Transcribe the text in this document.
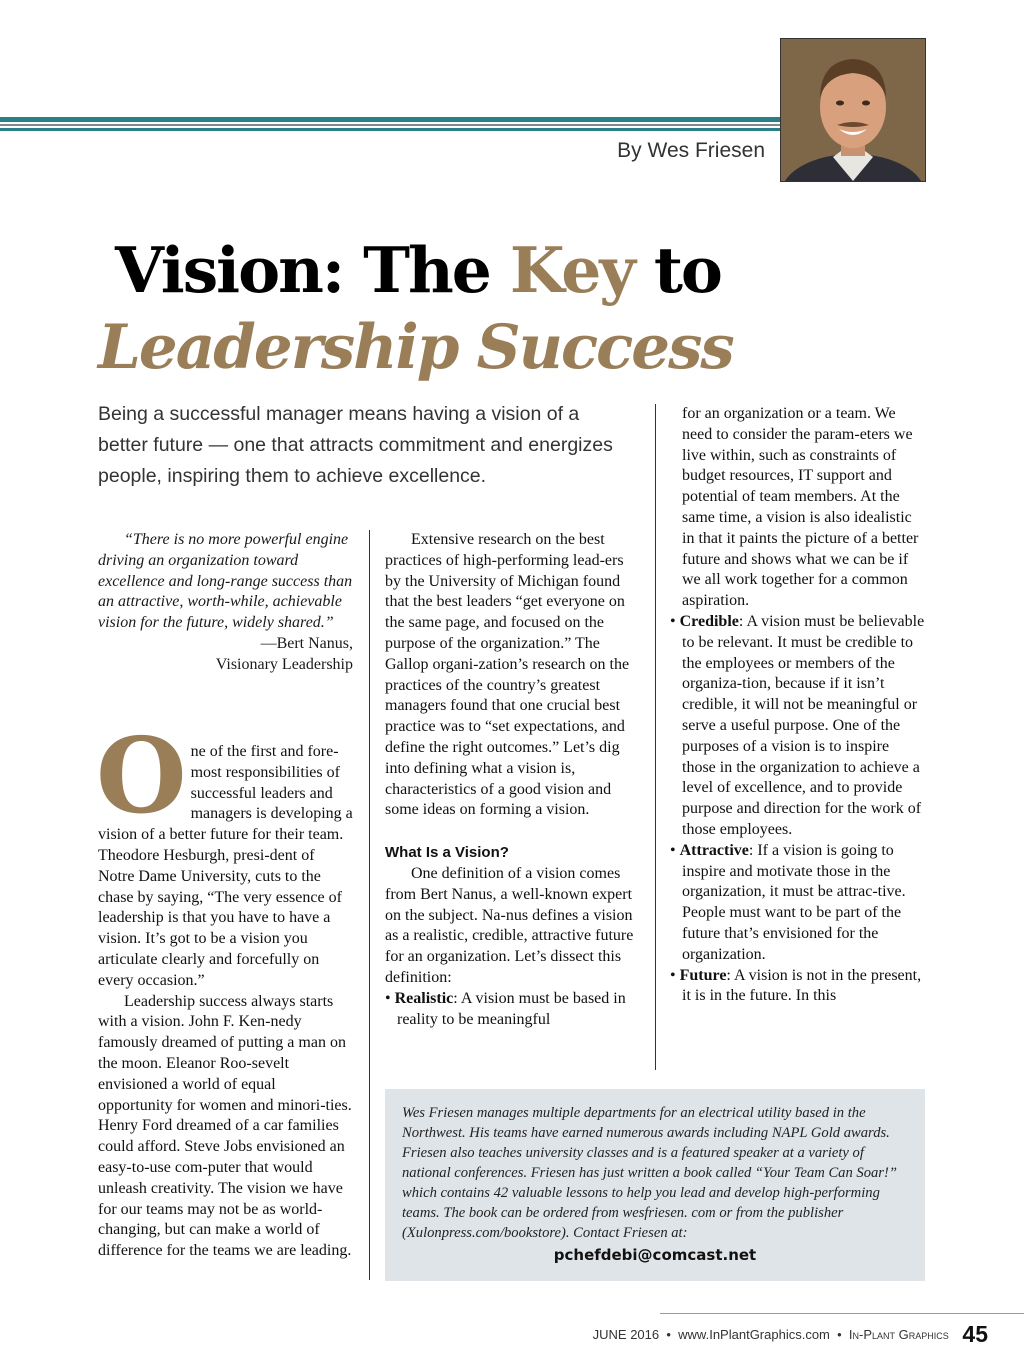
By Wes Friesen
Vision: The Key to
Leadership Success
Being a successful manager means having a vision of a better future — one that attracts commitment and energizes people, inspiring them to achieve excellence.

“There is no more powerful engine driving an organization toward excellence and long-range success than an attractive, worth-while, achievable vision for the future, widely shared.”

—Bert Nanus,

Visionary Leadership

One of the first and fore-most responsibilities of successful leaders and managers is developing a vision of a better future for their team. Theodore Hesburgh, presi-dent of Notre Dame University, cuts to the chase by saying, “The very essence of leadership is that you have to have a vision. It’s got to be a vision you articulate clearly and forcefully on every occasion.”

Leadership success always starts with a vision. John F. Ken-nedy famously dreamed of putting a man on the moon. Eleanor Roo-sevelt envisioned a world of equal opportunity for women and minori-ties. Henry Ford dreamed of a car families could afford. Steve Jobs envisioned an easy-to-use com-puter that would unleash creativity. The vision we have for our teams may not be as world-changing, but can make a world of difference for the teams we are leading.

Extensive research on the best practices of high-performing lead-ers by the University of Michigan found that the best leaders “get everyone on the same page, and focused on the purpose of the organization.” The Gallop organi-zation’s research on the practices of the country’s greatest managers found that one crucial best practice was to “set expectations, and define the right outcomes.” Let’s dig into defining what a vision is, characteristics of a good vision and some ideas on forming a vision.

What Is a Vision?

One definition of a vision comes from Bert Nanus, a well-known expert on the subject. Na-nus defines a vision as a realistic, credible, attractive future for an organization. Let’s dissect this definition:

• Realistic: A vision must be based in reality to be meaningful

for an organization or a team. We need to consider the param-eters we live within, such as constraints of budget resources, IT support and potential of team members. At the same time, a vision is also idealistic in that it paints the picture of a better future and shows what we can be if we all work together for a common aspiration.

• Credible: A vision must be believable to be relevant. It must be credible to the employees or members of the organiza-tion, because if it isn’t credible, it will not be meaningful or serve a useful purpose. One of the purposes of a vision is to inspire those in the organization to achieve a level of excellence, and to provide purpose and direction for the work of those employees.

• Attractive: If a vision is going to inspire and motivate those in the organization, it must be attrac-tive. People must want to be part of the future that’s envisioned for the organization.

• Future: A vision is not in the present, it is in the future. In this

Wes Friesen manages multiple departments for an electrical utility based in the Northwest. His teams have earned numerous awards including NAPL Gold awards. Friesen also teaches university classes and is a featured speaker at a variety of national conferences. Friesen has just written a book called “Your Team Can Soar!” which contains 42 valuable lessons to help you lead and develop high-performing teams. The book can be ordered from wesfriesen. com or from the publisher (Xulonpress.com/bookstore). Contact Friesen at:
pchefdebi@comcast.net
JUNE 2016 • www.InPlantGraphics.com • In-Plant Graphics 45
